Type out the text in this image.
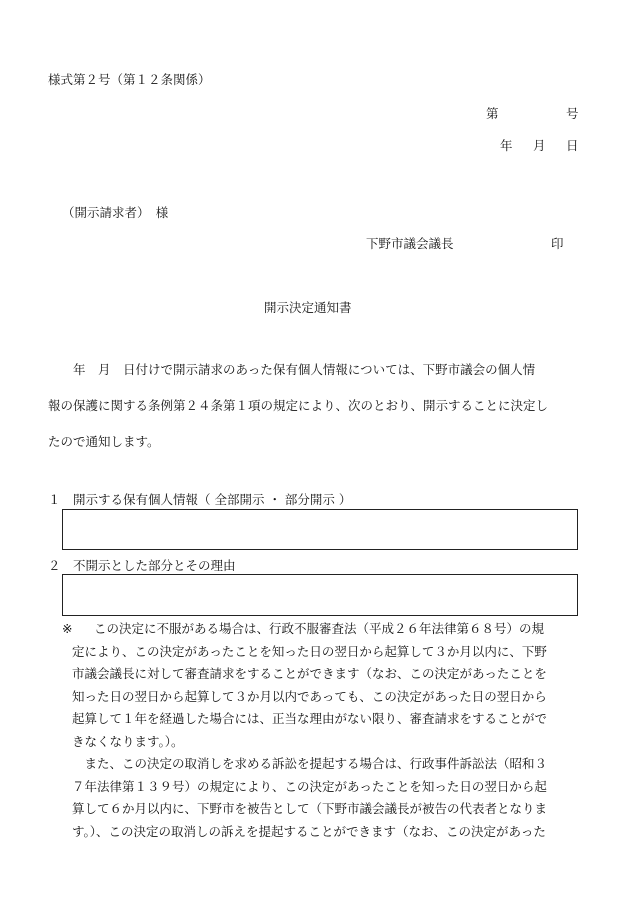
様式第２号（第１２条関係）
第	号
年 月 日
（開示請求者）　様
下野市議会議長	印
開示決定通知書
　　年　月　日付けで開示請求のあった保有個人情報については、下野市議会の個人情
報の保護に関する条例第２４条第１項の規定により、次のとおり、開示することに決定し
たので通知します。
１　開示する保有個人情報（ 全部開示 ・ 部分開示 ）
２　不開示とした部分とその理由
※	この決定に不服がある場合は、行政不服審査法（平成２６年法律第６８号）の規
定により、この決定があったことを知った日の翌日から起算して３か月以内に、下野
市議会議長に対して審査請求をすることができます（なお、この決定があったことを
知った日の翌日から起算して３か月以内であっても、この決定があった日の翌日から
起算して１年を経過した場合には、正当な理由がない限り、審査請求をすることがで
きなくなります。）。
　また、この決定の取消しを求める訴訟を提起する場合は、行政事件訴訟法（昭和３
７年法律第１３９号）の規定により、この決定があったことを知った日の翌日から起
算して６か月以内に、下野市を被告として（下野市議会議長が被告の代表者となりま
す。）、この決定の取消しの訴えを提起することができます（なお、この決定があった
